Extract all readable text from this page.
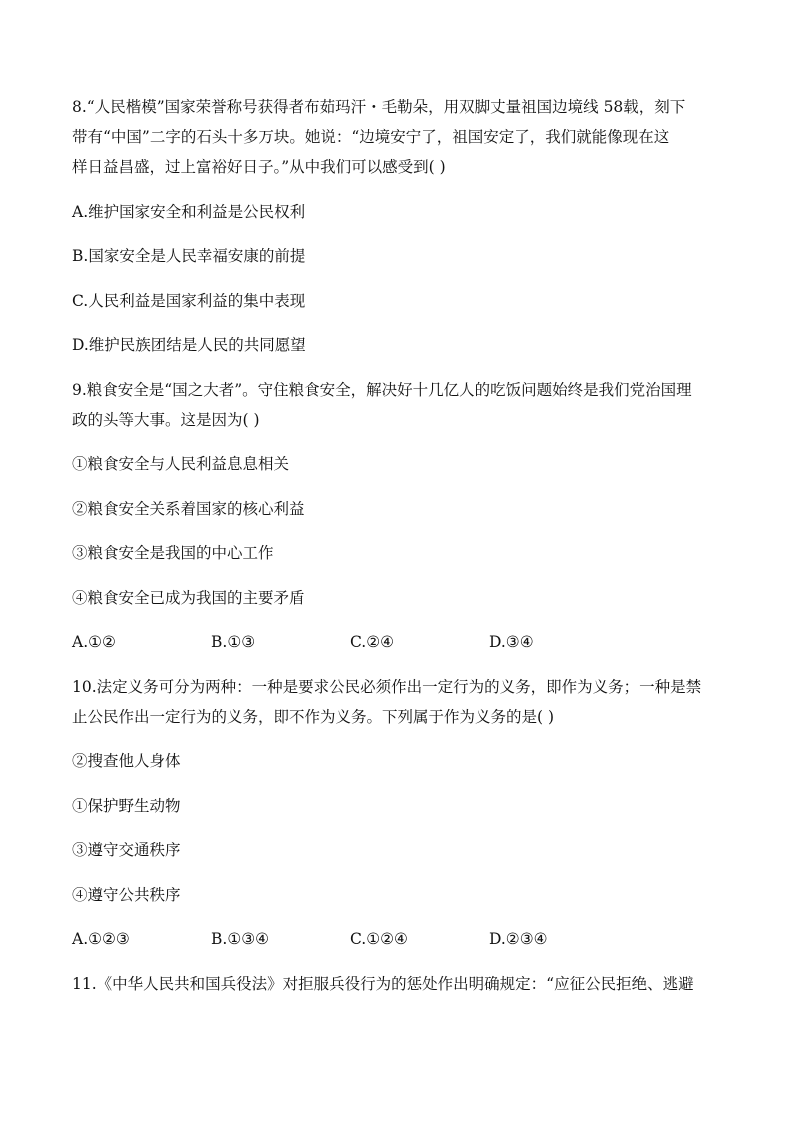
8.“人民楷模”国家荣誉称号获得者布茹玛汗・毛勒朵，用双脚丈量祖国边境线 58载，刻下

带有“中国”二字的石头十多万块。她说：“边境安宁了，祖国安定了，我们就能像现在这

样日益昌盛，过上富裕好日子。”从中我们可以感受到( )

A.维护国家安全和利益是公民权利

B.国家安全是人民幸福安康的前提

C.人民利益是国家利益的集中表现

D.维护民族团结是人民的共同愿望

9.粮食安全是“国之大者”。守住粮食安全，解决好十几亿人的吃饭问题始终是我们党治国理

政的头等大事。这是因为( )

①粮食安全与人民利益息息相关

②粮食安全关系着国家的核心利益

③粮食安全是我国的中心工作

④粮食安全已成为我国的主要矛盾

A.①②	B.①③	C.②④	D.③④

10.法定义务可分为两种：一种是要求公民必须作出一定行为的义务，即作为义务；一种是禁

止公民作出一定行为的义务，即不作为义务。下列属于作为义务的是( )

②搜查他人身体

①保护野生动物

③遵守交通秩序

④遵守公共秩序

A.①②③	B.①③④	C.①②④	D.②③④

11.《中华人民共和国兵役法》对拒服兵役行为的惩处作出明确规定：“应征公民拒绝、逃避
